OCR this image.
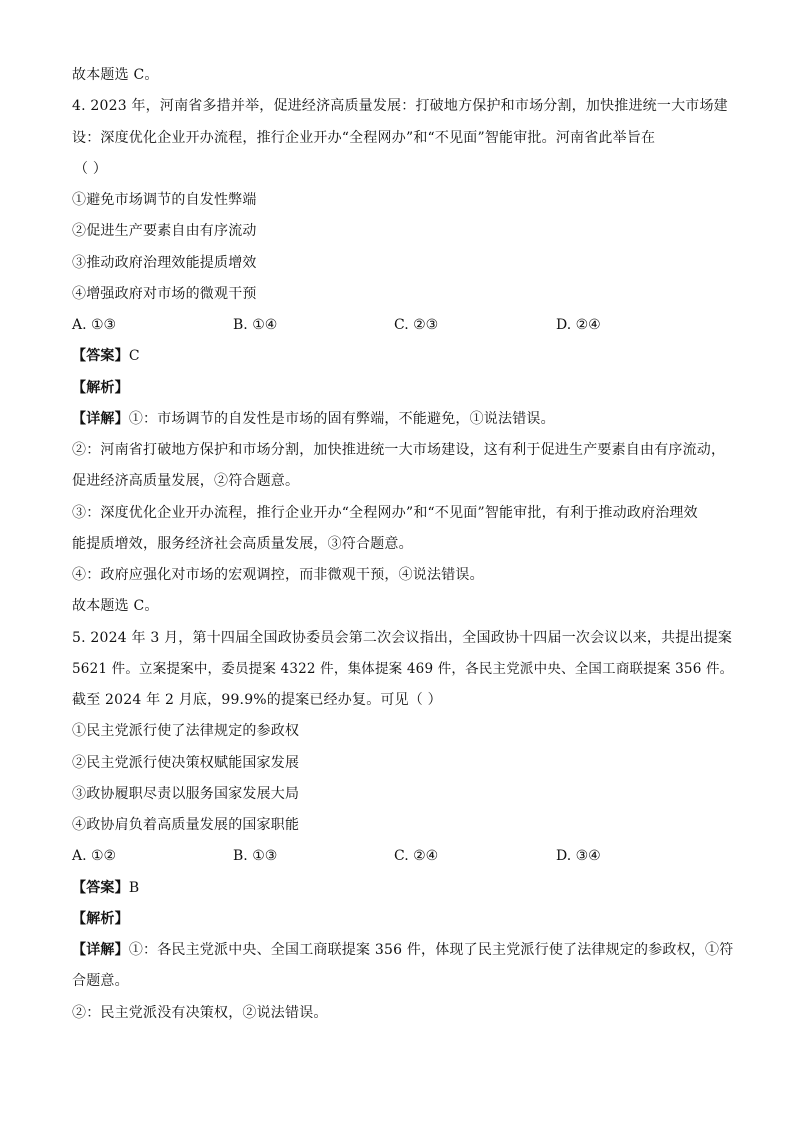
故本题选 C。
4. 2023 年，河南省多措并举，促进经济高质量发展：打破地方保护和市场分割，加快推进统一大市场建
设：深度优化企业开办流程，推行企业开办“全程网办”和“不见面”智能审批。河南省此举旨在
（ ）
①避免市场调节的自发性弊端
②促进生产要素自由有序流动
③推动政府治理效能提质增效
④增强政府对市场的微观干预
A. ①③	B. ①④	C. ②③	D. ②④
【答案】C
【解析】
【详解】①：市场调节的自发性是市场的固有弊端，不能避免，①说法错误。
②：河南省打破地方保护和市场分割，加快推进统一大市场建设，这有利于促进生产要素自由有序流动，
促进经济高质量发展，②符合题意。
③：深度优化企业开办流程，推行企业开办“全程网办”和“不见面”智能审批，有利于推动政府治理效
能提质增效，服务经济社会高质量发展，③符合题意。
④：政府应强化对市场的宏观调控，而非微观干预，④说法错误。
故本题选 C。
5. 2024 年 3 月，第十四届全国政协委员会第二次会议指出，全国政协十四届一次会议以来，共提出提案
5621 件。立案提案中，委员提案 4322 件，集体提案 469 件，各民主党派中央、全国工商联提案 356 件。
截至 2024 年 2 月底，99.9%的提案已经办复。可见（ ）
①民主党派行使了法律规定的参政权
②民主党派行使决策权赋能国家发展
③政协履职尽责以服务国家发展大局
④政协肩负着高质量发展的国家职能
A. ①②	B. ①③	C. ②④	D. ③④
【答案】B
【解析】
【详解】①：各民主党派中央、全国工商联提案 356 件，体现了民主党派行使了法律规定的参政权，①符
合题意。
②：民主党派没有决策权，②说法错误。
